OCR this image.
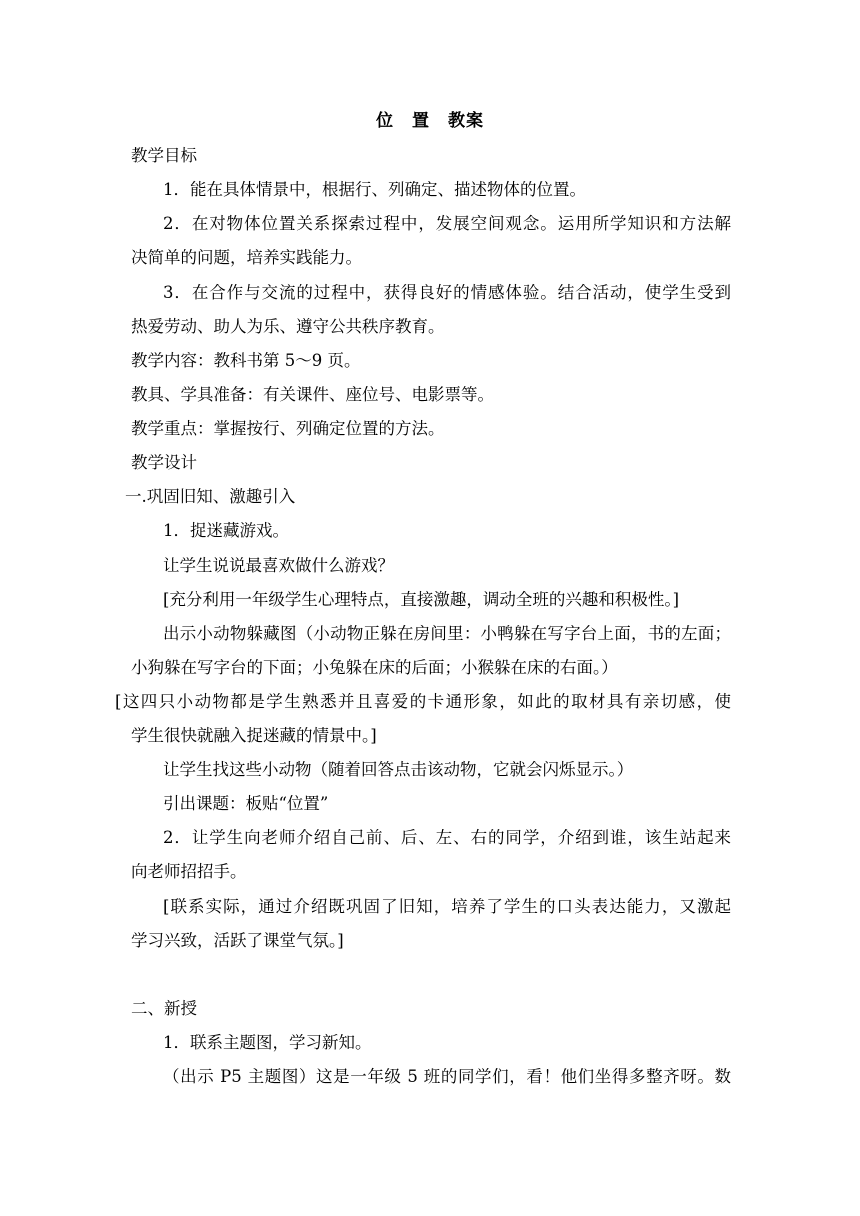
位　置　教案
教学目标
1．能在具体情景中，根据行、列确定、描述物体的位置。
2．在对物体位置关系探索过程中，发展空间观念。运用所学知识和方法解
决简单的问题，培养实践能力。
3．在合作与交流的过程中，获得良好的情感体验。结合活动，使学生受到
热爱劳动、助人为乐、遵守公共秩序教育。
教学内容：教科书第 5～9 页。
教具、学具准备：有关课件、座位号、电影票等。
教学重点：掌握按行、列确定位置的方法。
教学设计
一.巩固旧知、激趣引入
1．捉迷藏游戏。
让学生说说最喜欢做什么游戏？
[充分利用一年级学生心理特点，直接激趣，调动全班的兴趣和积极性。]
出示小动物躲藏图（小动物正躲在房间里：小鸭躲在写字台上面，书的左面；
小狗躲在写字台的下面；小兔躲在床的后面；小猴躲在床的右面。）
[这四只小动物都是学生熟悉并且喜爱的卡通形象，如此的取材具有亲切感，使
学生很快就融入捉迷藏的情景中。]
让学生找这些小动物（随着回答点击该动物，它就会闪烁显示。）
引出课题：板贴“位置”
2．让学生向老师介绍自己前、后、左、右的同学，介绍到谁，该生站起来
向老师招招手。
[联系实际，通过介绍既巩固了旧知，培养了学生的口头表达能力，又激起
学习兴致，活跃了课堂气氛。]
二、新授
1．联系主题图，学习新知。
（出示 P5 主题图）这是一年级 5 班的同学们，看！他们坐得多整齐呀。数
